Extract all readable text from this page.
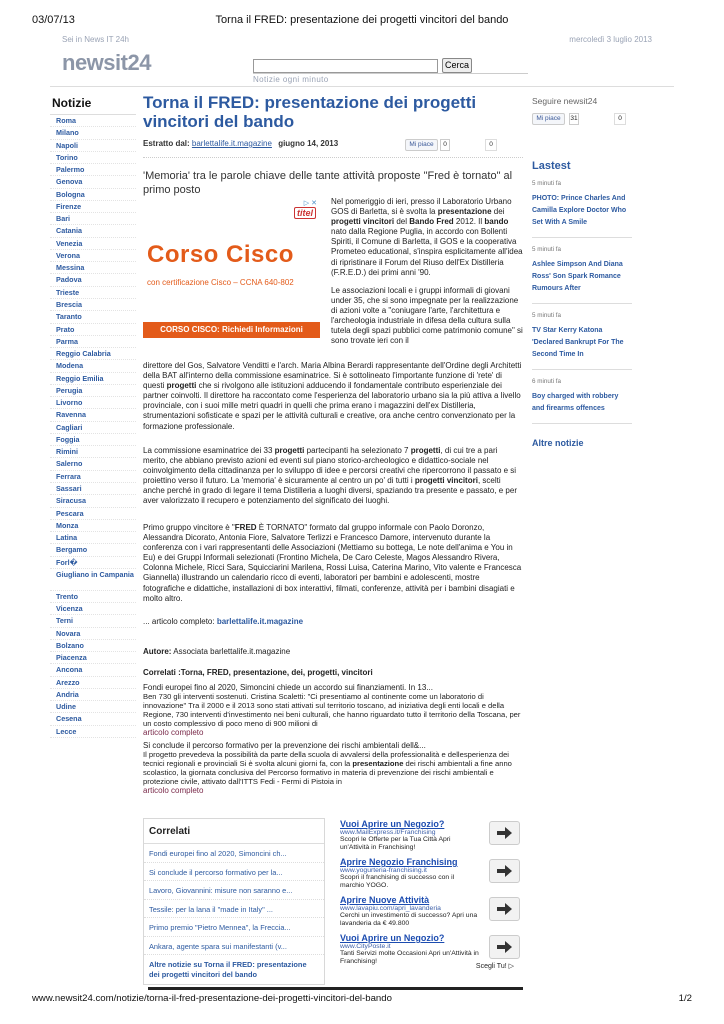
03/07/13	Torna il FRED: presentazione dei progetti vincitori del bando
Sei in News IT 24h	mercoledì 3 luglio 2013
newsit24	Cerca
Notizie ogni minuto
Notizie
Roma
Milano
Napoli
Torino
Palermo
Genova
Bologna
Firenze
Bari
Catania
Venezia
Verona
Messina
Padova
Trieste
Brescia
Taranto
Prato
Parma
Reggio Calabria
Modena
Reggio Emilia
Perugia
Livorno
Ravenna
Cagliari
Foggia
Rimini
Salerno
Ferrara
Sassari
Siracusa
Pescara
Monza
Latina
Bergamo
Forl�
Giugliano in Campania
Trento
Vicenza
Terni
Novara
Bolzano
Piacenza
Ancona
Arezzo
Andria
Udine
Cesena
Lecce
Torna il FRED: presentazione dei progetti vincitori del bando
Estratto dal: barlettalife.it.magazine giugno 14, 2013	Mi piace	0	0

'Memoria' tra le parole chiave delle tante attività proposte "Fred è tornato" al primo posto

▷ ✕
titel
Corso Cisco
con certificazione Cisco – CCNA 640-802
CORSO CISCO: Richiedi Informazioni

Nel pomeriggio di ieri, presso il Laboratorio Urbano GOS di Barletta, si è svolta la presentazione dei progetti vincitori del Bando Fred 2012. Il bando nato dalla Regione Puglia, in accordo con Bollenti Spiriti, il Comune di Barletta, il GOS e la cooperativa Prometeo educational, s'inspira esplicitamente all'idea di ripristinare il Forum del Riuso dell'Ex Distilleria (F.R.E.D.) dei primi anni '90.

Le associazioni locali e i gruppi informali di giovani under 35, che si sono impegnate per la realizzazione di azioni volte a "coniugare l'arte, l'architettura e l'archeologia industriale in difesa della cultura sulla tutela degli spazi pubblici come patrimonio comune" si sono trovate ieri con il

direttore del Gos, Salvatore Venditti e l'arch. Maria Albina Berardi rappresentante dell'Ordine degli Architetti della BAT all'interno della commissione esaminatrice. Si è sottolineato l'importante funzione di 'rete' di questi progetti che si rivolgono alle istituzioni adducendo il fondamentale contributo esperienziale dei partner coinvolti. Il direttore ha raccontato come l'esperienza del laboratorio urbano sia la più attiva a livello provinciale, con i suoi mille metri quadri in quelli che prima erano i magazzini dell'ex Distilleria, strumentazioni sofisticate e spazi per le attività culturali e creative, ora anche centro convenzionato per la formazione professionale.
La commissione esaminatrice dei 33 progetti partecipanti ha selezionato 7 progetti, di cui tre a pari merito, che abbiano previsto azioni ed eventi sul piano storico-archeologico e didattico-sociale nel coinvolgimento della cittadinanza per lo sviluppo di idee e percorsi creativi che ripercorrono il passato e si proiettino verso il futuro. La 'memoria' è sicuramente al centro un po' di tutti i progetti vincitori, scelti anche perché in grado di legare il tema Distilleria a luoghi diversi, spaziando tra presente e passato, e per aver valorizzato il recupero e potenziamento del significato dei luoghi.
Primo gruppo vincitore è "FRED È TORNATO" formato dal gruppo informale con Paolo Doronzo, Alessandra Dicorato, Antonia Fiore, Salvatore Terlizzi e Francesco Damore, intervenuto durante la conferenza con i vari rappresentanti delle Associazioni (Mettiamo su bottega, Le note dell'anima e You in Eu) e dei Gruppi Informali selezionati (Frontino Michela, De Caro Celeste, Magos Alessandro Rivera, Colonna Michele, Ricci Sara, Squicciarini Marilena, Rossi Luisa, Caterina Marino, Vito valente e Francesca Giannella) illustrando un calendario ricco di eventi, laboratori per bambini e adolescenti, mostre fotografiche e didattiche, installazioni di box interattivi, filmati, conferenze, attività per i bambini disagiati e molto altro.
... articolo completo: barlettalife.it.magazine
Autore: Associata barlettalife.it.magazine
Correlati :Torna, FRED, presentazione, dei, progetti, vincitori
Fondi europei fino al 2020, Simoncini chiede un accordo sui finanziamenti. In 13...
Ben 730 gli interventi sostenuti. Cristina Scaletti: "Ci presentiamo al continente come un laboratorio di innovazione" Tra il 2000 e il 2013 sono stati attivati sul territorio toscano, ad iniziativa degli enti locali e della Regione, 730 interventi d'investimento nei beni culturali, che hanno riguardato tutto il territorio della Toscana, per un costo complessivo di poco meno di 900 milioni di
articolo completo
Si conclude il percorso formativo per la prevenzione dei rischi ambientali dell&...
Il progetto prevedeva la possibilità da parte della scuola di avvalersi della professionalità e dellesperienza dei tecnici regionali e provinciali Si è svolta alcuni giorni fa, con la presentazione dei rischi ambientali a fine anno scolastico, la giornata conclusiva del Percorso formativo in materia di prevenzione dei rischi ambientali e protezione civile, attivato dall'ITTS Fedi - Fermi di Pistoia in
articolo completo
Correlati
Fondi europei fino al 2020, Simoncini ch...
Si conclude il percorso formativo per la...
Lavoro, Giovannini: misure non saranno e...
Tessile: per la lana il "made in Italy" ...
Primo premio "Pietro Mennea", la Freccia...
Ankara, agente spara sui manifestanti (v...
Altre notizie su Torna il FRED: presentazione dei progetti vincitori del bando
Vuoi Aprire un Negozio?
www.MailExpress.it/Franchising
Scopri le Offerte per la Tua Città Apri un'Attività in Franchising!
Aprire Negozio Franchising
www.yogurteria-franchising.it
Scopri il franchising di successo con il marchio YOGO.
Aprire Nuove Attività
www.lavapiu.com/apri_lavanderia
Cerchi un investimento di successo? Apri una lavanderia da € 49.800
Vuoi Aprire un Negozio?
www.CityPoste.it
Tanti Servizi molte Occasioni Apri un'Attività in Franchising!
Scegli Tu! ▷
Seguire newsit24
Mi piace	31	0
Lastest
5 minuti fa
PHOTO: Prince Charles And Camilla Explore Doctor Who Set With A Smile
5 minuti fa
Ashlee Simpson And Diana Ross' Son Spark Romance Rumours After
5 minuti fa
TV Star Kerry Katona 'Declared Bankrupt For The Second Time In
6 minuti fa
Boy charged with robbery and firearms offences
Altre notizie
www.newsit24.com/notizie/torna-il-fred-presentazione-dei-progetti-vincitori-del-bando	1/2
